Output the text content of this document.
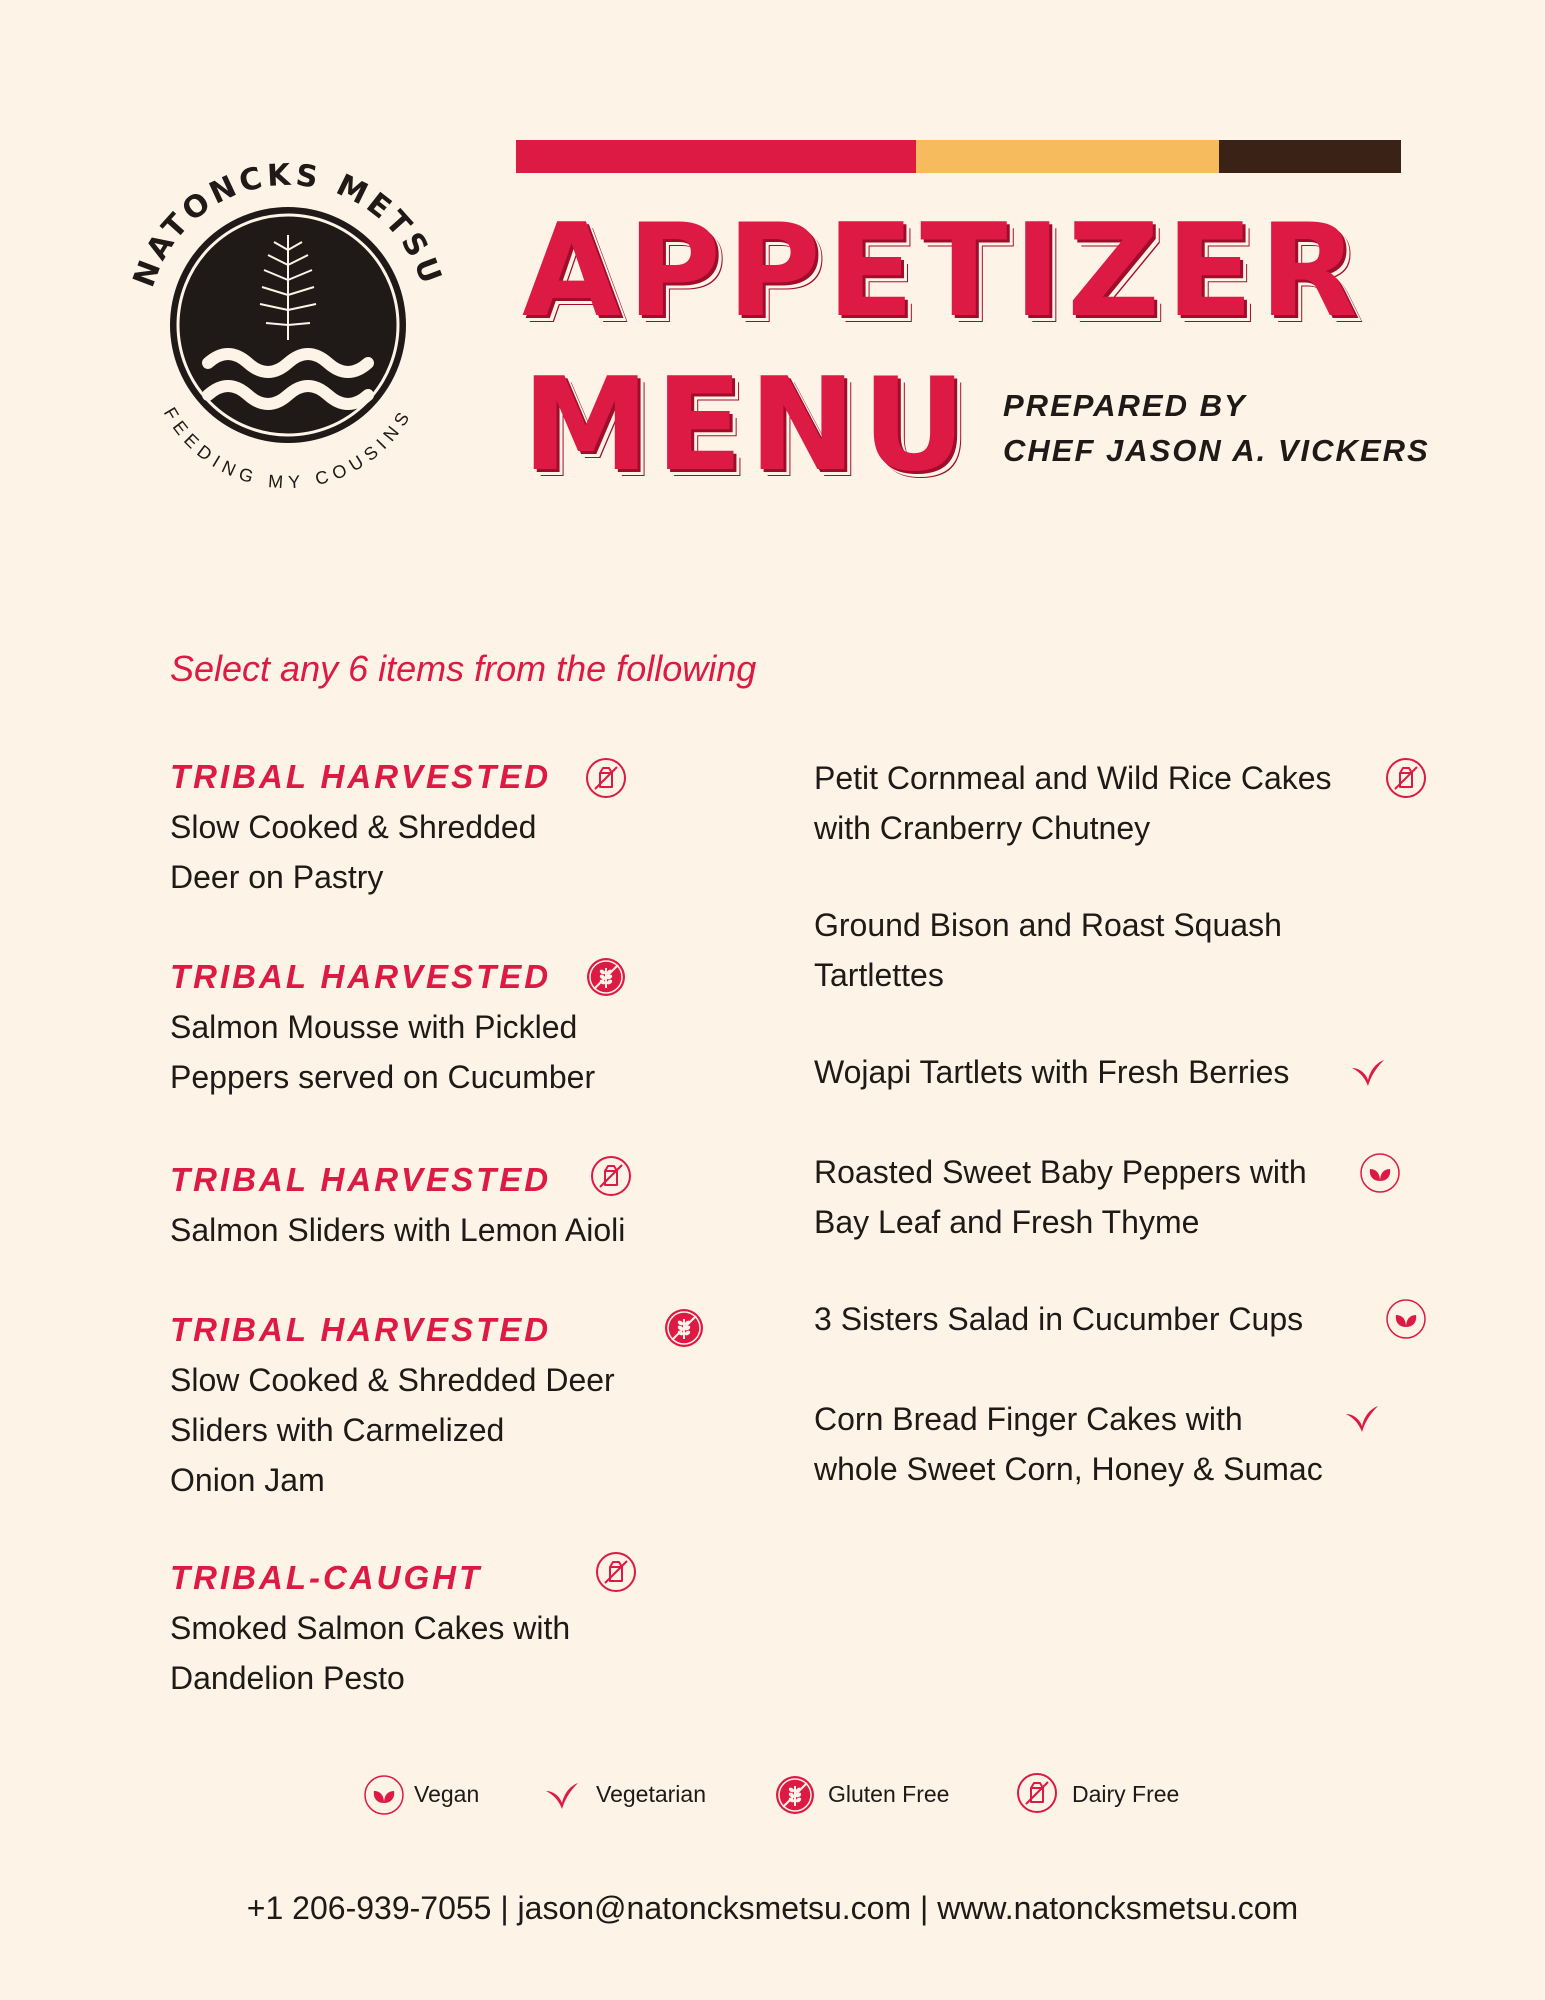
NATONCKS METSU
FEEDING MY COUSINS
APPETIZER
MENU PREPARED BY
CHEF JASON A. VICKERS
Select any 6 items from the following
TRIBAL HARVESTED
Slow Cooked & Shredded
Deer on Pastry
TRIBAL HARVESTED
Salmon Mousse with Pickled
Peppers served on Cucumber
TRIBAL HARVESTED
Salmon Sliders with Lemon Aioli
TRIBAL HARVESTED
Slow Cooked & Shredded Deer
Sliders with Carmelized
Onion Jam
TRIBAL-CAUGHT
Smoked Salmon Cakes with
Dandelion Pesto
Petit Cornmeal and Wild Rice Cakes
with Cranberry Chutney
Ground Bison and Roast Squash
Tartlettes
Wojapi Tartlets with Fresh Berries
Roasted Sweet Baby Peppers with
Bay Leaf and Fresh Thyme
3 Sisters Salad in Cucumber Cups
Corn Bread Finger Cakes with
whole Sweet Corn, Honey & Sumac
Vegan	Vegetarian	Gluten Free	Dairy Free
+1 206-939-7055 | jason@natoncksmetsu.com | www.natoncksmetsu.com
